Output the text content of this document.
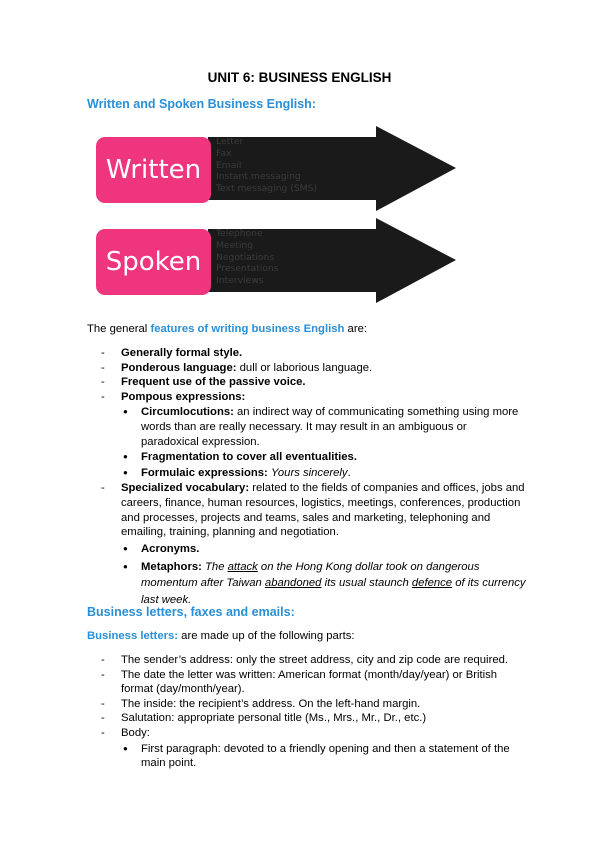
UNIT 6: BUSINESS ENGLISH
Written and Spoken Business English:
Written
Letter
Fax
Email
Instant messaging
Text messaging (SMS)
Spoken
Telephone
Meeting
Negotiations
Presentations
Interviews
The general features of writing business English are:
- Generally formal style.
- Ponderous language: dull or laborious language.
- Frequent use of the passive voice.
- Pompous expressions:
● Circumlocutions: an indirect way of communicating something using more words than are really necessary. It may result in an ambiguous or paradoxical expression.
● Fragmentation to cover all eventualities.
● Formulaic expressions: Yours sincerely.
- Specialized vocabulary: related to the fields of companies and offices, jobs and careers, finance, human resources, logistics, meetings, conferences, production and processes, projects and teams, sales and marketing, telephoning and emailing, training, planning and negotiation.
● Acronyms.
● Metaphors: The attack on the Hong Kong dollar took on dangerous momentum after Taiwan abandoned its usual staunch defence of its currency last week.
Business letters, faxes and emails:
Business letters: are made up of the following parts:
- The sender’s address: only the street address, city and zip code are required.
- The date the letter was written: American format (month/day/year) or British format (day/month/year).
- The inside: the recipient’s address. On the left-hand margin.
- Salutation: appropriate personal title (Ms., Mrs., Mr., Dr., etc.)
- Body:
● First paragraph: devoted to a friendly opening and then a statement of the main point.
